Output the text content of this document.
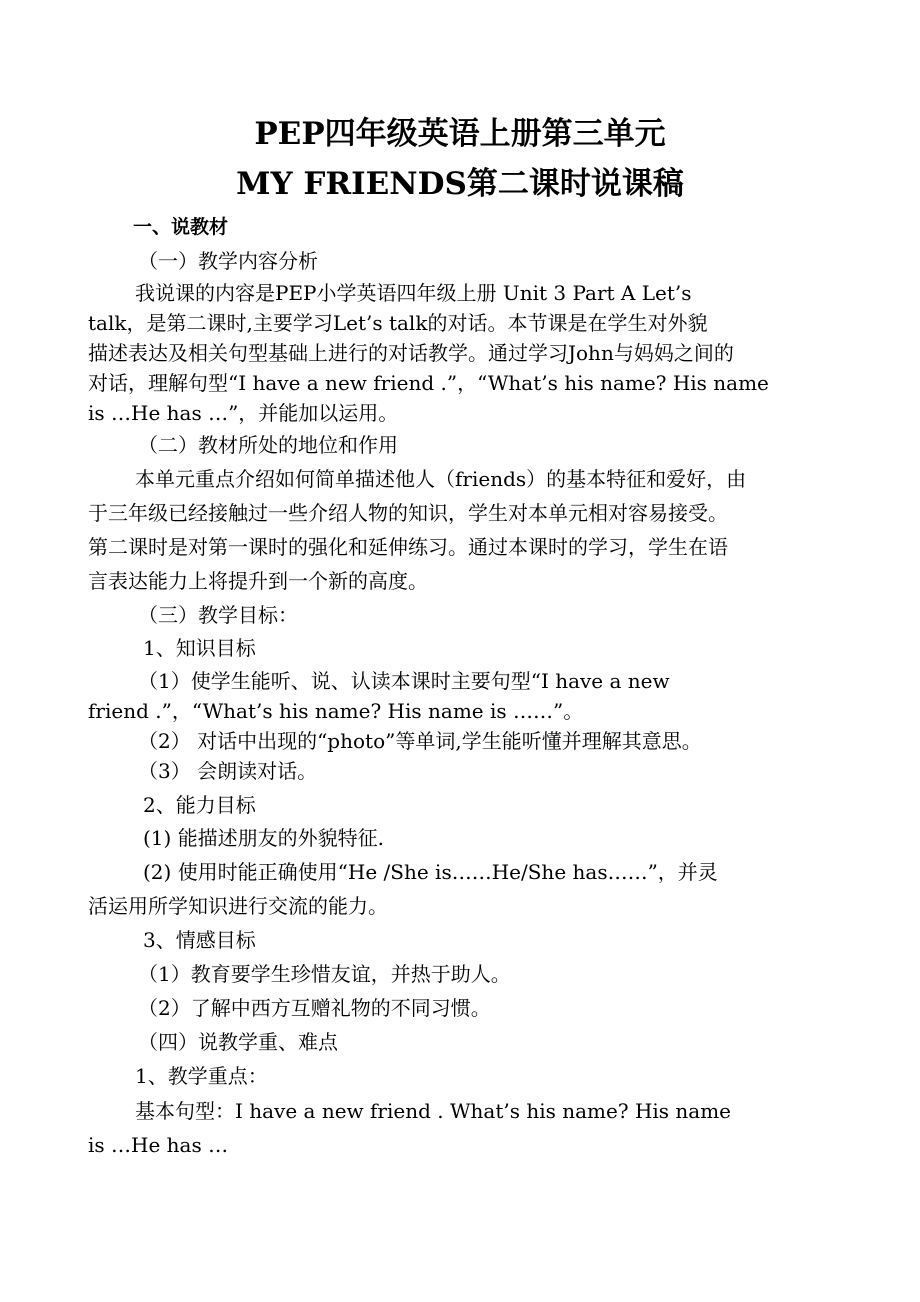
PEP四年级英语上册第三单元
MY FRIENDS第二课时说课稿
一、说教材
（一）教学内容分析
我说课的内容是PEP小学英语四年级上册 Unit 3 Part A Let’s
talk，是第二课时,主要学习Let’s talk的对话。本节课是在学生对外貌
描述表达及相关句型基础上进行的对话教学。通过学习John与妈妈之间的
对话，理解句型“I have a new friend .”，“What’s his name? His name
is …He has …”，并能加以运用。
（二）教材所处的地位和作用
本单元重点介绍如何简单描述他人（friends）的基本特征和爱好，由
于三年级已经接触过一些介绍人物的知识，学生对本单元相对容易接受。
第二课时是对第一课时的强化和延伸练习。通过本课时的学习，学生在语
言表达能力上将提升到一个新的高度。
（三）教学目标：
1、知识目标
（1）使学生能听、说、认读本课时主要句型“I have a new
friend .”，“What’s his name? His name is ……”。
（2） 对话中出现的“photo”等单词,学生能听懂并理解其意思。
（3） 会朗读对话。
2、能力目标
(1) 能描述朋友的外貌特征.
(2) 使用时能正确使用“He /She is……He/She has……”，并灵
活运用所学知识进行交流的能力。
3、情感目标
（1）教育要学生珍惜友谊，并热于助人。
（2）了解中西方互赠礼物的不同习惯。
（四）说教学重、难点
1、教学重点：
基本句型：I have a new friend . What’s his name? His name
is …He has …
